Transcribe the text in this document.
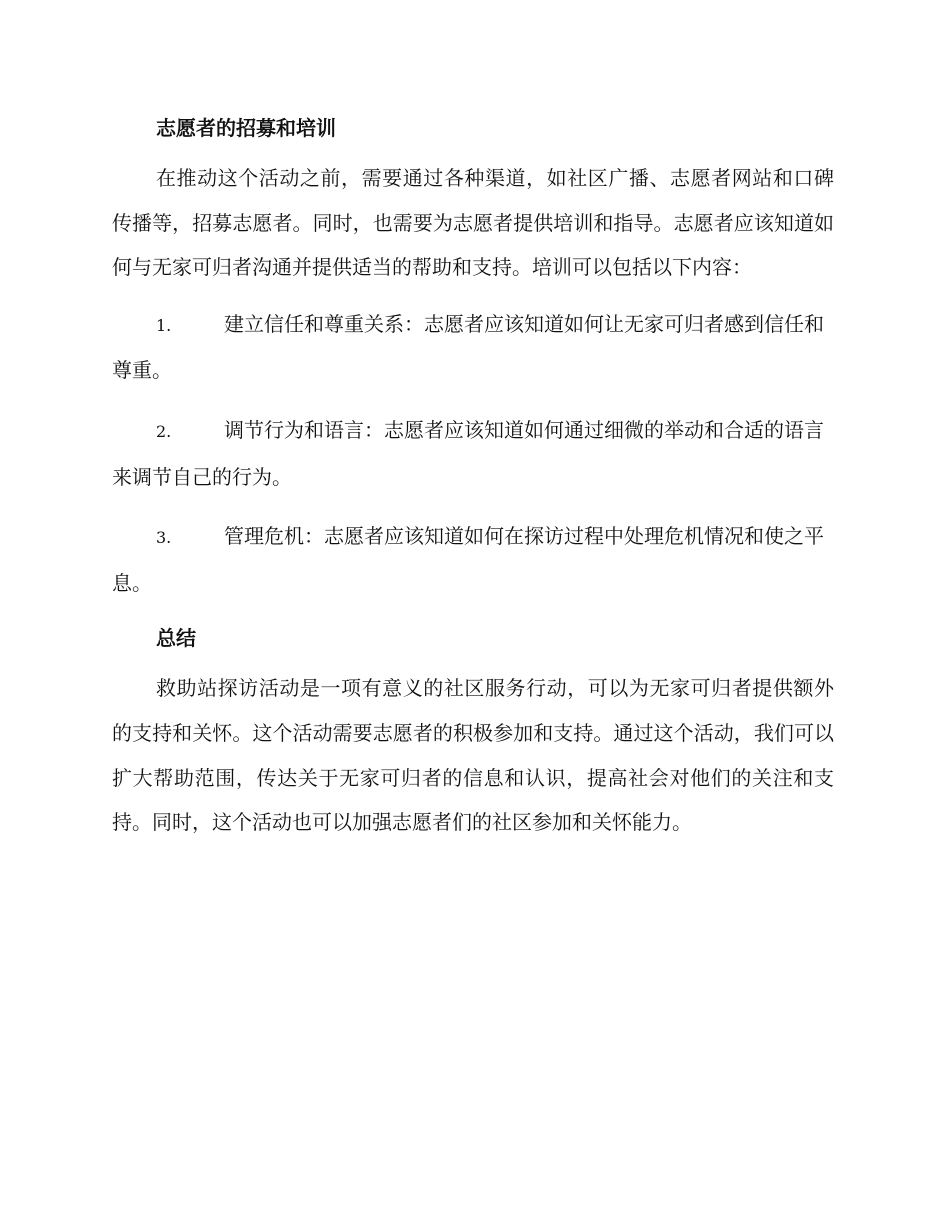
志愿者的招募和培训
在推动这个活动之前，需要通过各种渠道，如社区广播、志愿者网站和口碑传播等，招募志愿者。同时，也需要为志愿者提供培训和指导。志愿者应该知道如何与无家可归者沟通并提供适当的帮助和支持。培训可以包括以下内容：
1.	建立信任和尊重关系：志愿者应该知道如何让无家可归者感到信任和尊重。
2.	调节行为和语言：志愿者应该知道如何通过细微的举动和合适的语言来调节自己的行为。
3.	管理危机：志愿者应该知道如何在探访过程中处理危机情况和使之平息。
总结
救助站探访活动是一项有意义的社区服务行动，可以为无家可归者提供额外的支持和关怀。这个活动需要志愿者的积极参加和支持。通过这个活动，我们可以扩大帮助范围，传达关于无家可归者的信息和认识，提高社会对他们的关注和支持。同时，这个活动也可以加强志愿者们的社区参加和关怀能力。
